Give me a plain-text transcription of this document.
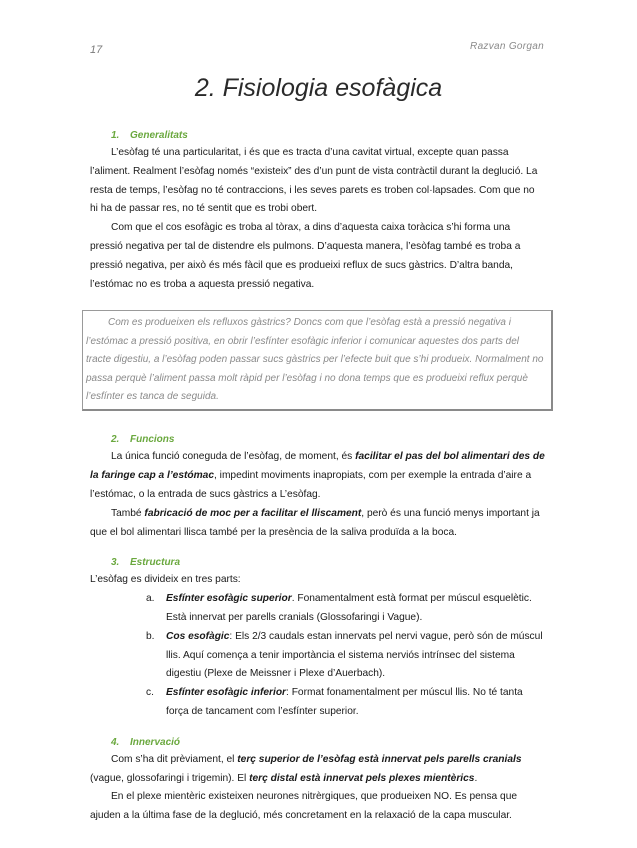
17	Razvan Gorgan
2. Fisiologia esofàgica
1. Generalitats

L’esòfag té una particularitat, i és que es tracta d’una cavitat virtual, excepte quan passa l’aliment. Realment l’esòfag només “existeix” des d’un punt de vista contràctil durant la deglució. La resta de temps, l’esòfag no té contraccions, i les seves parets es troben col·lapsades. Com que no hi ha de passar res, no té sentit que es trobi obert.

Com que el cos esofàgic es troba al tòrax, a dins d’aquesta caixa toràcica s’hi forma una pressió negativa per tal de distendre els pulmons. D’aquesta manera, l’esòfag també es troba a pressió negativa, per això és més fàcil que es produeixi reflux de sucs gàstrics. D’altra banda, l’estómac no es troba a aquesta pressió negativa.

Com es produeixen els refluxos gàstrics? Doncs com que l’esòfag està a pressió negativa i l’estómac a pressió positiva, en obrir l’esfínter esofàgic inferior i comunicar aquestes dos parts del tracte digestiu, a l’esòfag poden passar sucs gàstrics per l’efecte buit que s’hi produeix. Normalment no passa perquè l’aliment passa molt ràpid per l’esòfag i no dona temps que es produeixi reflux perquè l’esfínter es tanca de seguida.

2. Funcions

La única funció coneguda de l’esòfag, de moment, és facilitar el pas del bol alimentari des de la faringe cap a l’estómac, impedint moviments inapropiats, com per exemple la entrada d’aire a l’estómac, o la entrada de sucs gàstrics a L’esòfag.

També fabricació de moc per a facilitar el lliscament, però és una funció menys important ja que el bol alimentari llisca també per la presència de la saliva produïda a la boca.

3. Estructura

L’esòfag es divideix en tres parts:

a. Esfínter esofàgic superior. Fonamentalment està format per múscul esquelètic. Està innervat per parells cranials (Glossofaringi i Vague).
b. Cos esofàgic: Els 2/3 caudals estan innervats pel nervi vague, però són de múscul llis. Aquí comença a tenir importància el sistema nerviós intrínsec del sistema digestiu (Plexe de Meissner i Plexe d’Auerbach).
c. Esfínter esofàgic inferior: Format fonamentalment per múscul llis. No té tanta força de tancament com l’esfínter superior.
4. Innervació

Com s’ha dit prèviament, el terç superior de l’esòfag està innervat pels parells cranials (vague, glossofaringi i trigemin). El terç distal està innervat pels plexes mientèrics.

En el plexe mientèric existeixen neurones nitrèrgiques, que produeixen NO. Es pensa que ajuden a la última fase de la deglució, més concretament en la relaxació de la capa muscular.
